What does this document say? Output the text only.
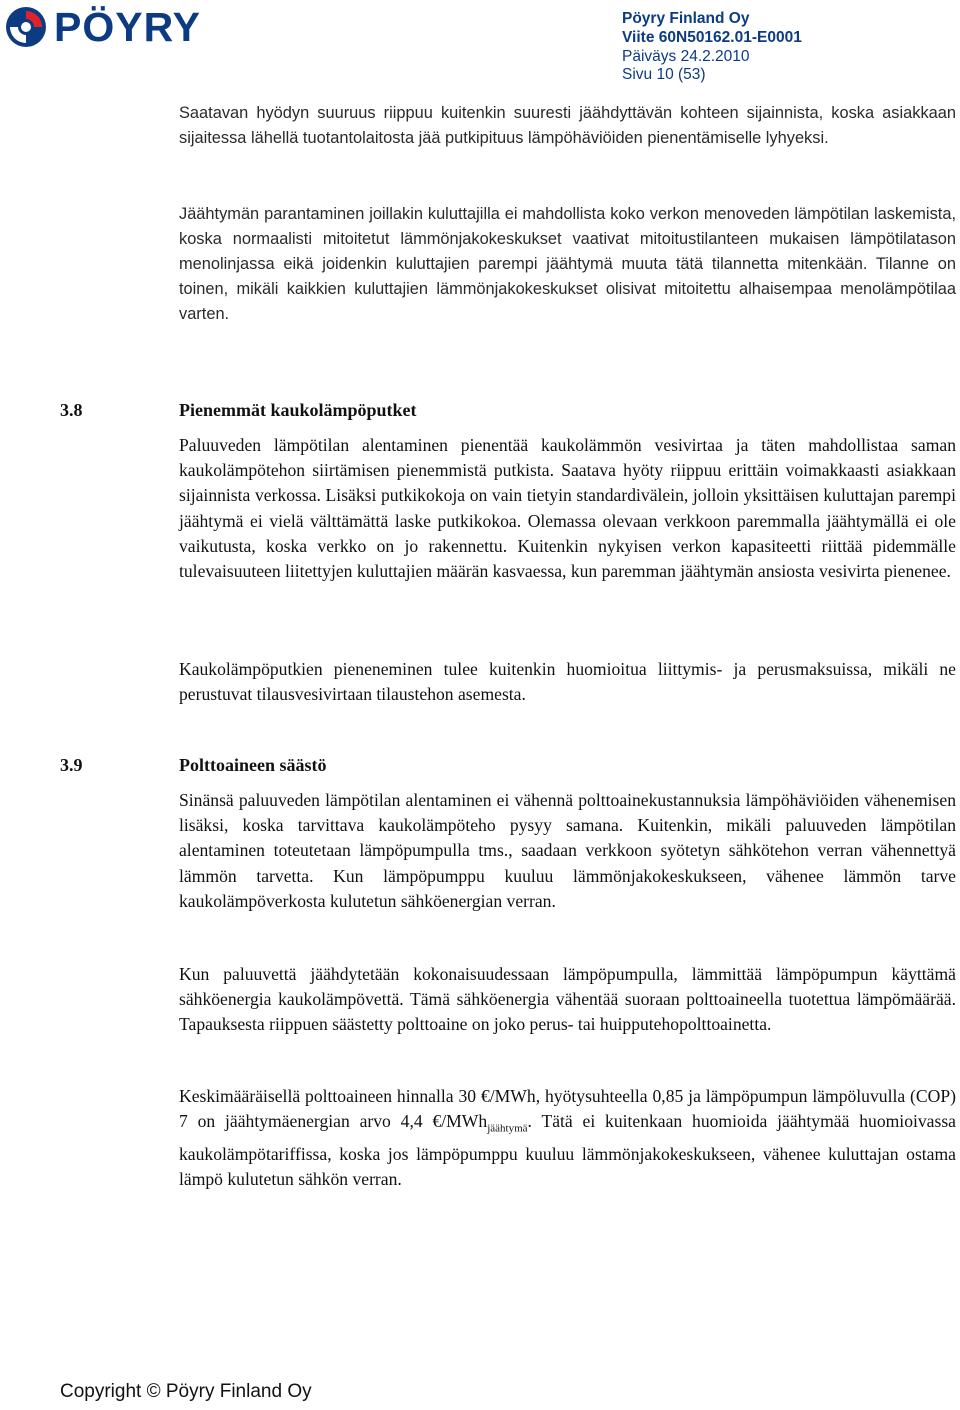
PÖYRY	Pöyry Finland Oy
Viite 60N50162.01-E0001
Päiväys 24.2.2010
Sivu 10 (53)
Saatavan hyödyn suuruus riippuu kuitenkin suuresti jäähdyttävän kohteen sijainnista, koska asiakkaan sijaitessa lähellä tuotantolaitosta jää putkipituus lämpöhäviöiden pienentämiselle lyhyeksi.
Jäähtymän parantaminen joillakin kuluttajilla ei mahdollista koko verkon menoveden lämpötilan laskemista, koska normaalisti mitoitetut lämmönjakokeskukset vaativat mitoitustilanteen mukaisen lämpötilatason menolinjassa eikä joidenkin kuluttajien parempi jäähtymä muuta tätä tilannetta mitenkään. Tilanne on toinen, mikäli kaikkien kuluttajien lämmönjakokeskukset olisivat mitoitettu alhaisempaa menolämpötilaa varten.
3.8	Pienemmät kaukolämpöputket
Paluuveden lämpötilan alentaminen pienentää kaukolämmön vesivirtaa ja täten mahdollistaa saman kaukolämpötehon siirtämisen pienemmistä putkista. Saatava hyöty riippuu erittäin voimakkaasti asiakkaan sijainnista verkossa. Lisäksi putkikokoja on vain tietyin standardivälein, jolloin yksittäisen kuluttajan parempi jäähtymä ei vielä välttämättä laske putkikokoa. Olemassa olevaan verkkoon paremmalla jäähtymällä ei ole vaikutusta, koska verkko on jo rakennettu. Kuitenkin nykyisen verkon kapasiteetti riittää pidemmälle tulevaisuuteen liitettyjen kuluttajien määrän kasvaessa, kun paremman jäähtymän ansiosta vesivirta pienenee.
Kaukolämpöputkien pieneneminen tulee kuitenkin huomioitua liittymis- ja perusmaksuissa, mikäli ne perustuvat tilausvesivirtaan tilaustehon asemesta.
3.9	Polttoaineen säästö
Sinänsä paluuveden lämpötilan alentaminen ei vähennä polttoainekustannuksia lämpöhäviöiden vähenemisen lisäksi, koska tarvittava kaukolämpöteho pysyy samana. Kuitenkin, mikäli paluuveden lämpötilan alentaminen toteutetaan lämpöpumpulla tms., saadaan verkkoon syötetyn sähkötehon verran vähennettyä lämmön tarvetta. Kun lämpöpumppu kuuluu lämmönjakokeskukseen, vähenee lämmön tarve kaukolämpöverkosta kulutetun sähköenergian verran.
Kun paluuvettä jäähdytetään kokonaisuudessaan lämpöpumpulla, lämmittää lämpöpumpun käyttämä sähköenergia kaukolämpövettä. Tämä sähköenergia vähentää suoraan polttoaineella tuotettua lämpömäärää. Tapauksesta riippuen säästetty polttoaine on joko perus- tai huipputehopolttoainetta.
Keskimääräisellä polttoaineen hinnalla 30 €/MWh, hyötysuhteella 0,85 ja lämpöpumpun lämpöluvulla (COP) 7 on jäähtymäenergian arvo 4,4 €/MWh$_{jäähtymä}$. Tätä ei kuitenkaan huomioida jäähtymää huomioivassa kaukolämpötariffissa, koska jos lämpöpumppu kuuluu lämmönjakokeskukseen, vähenee kuluttajan ostama lämpö kulutetun sähkön verran.
Copyright © Pöyry Finland Oy
